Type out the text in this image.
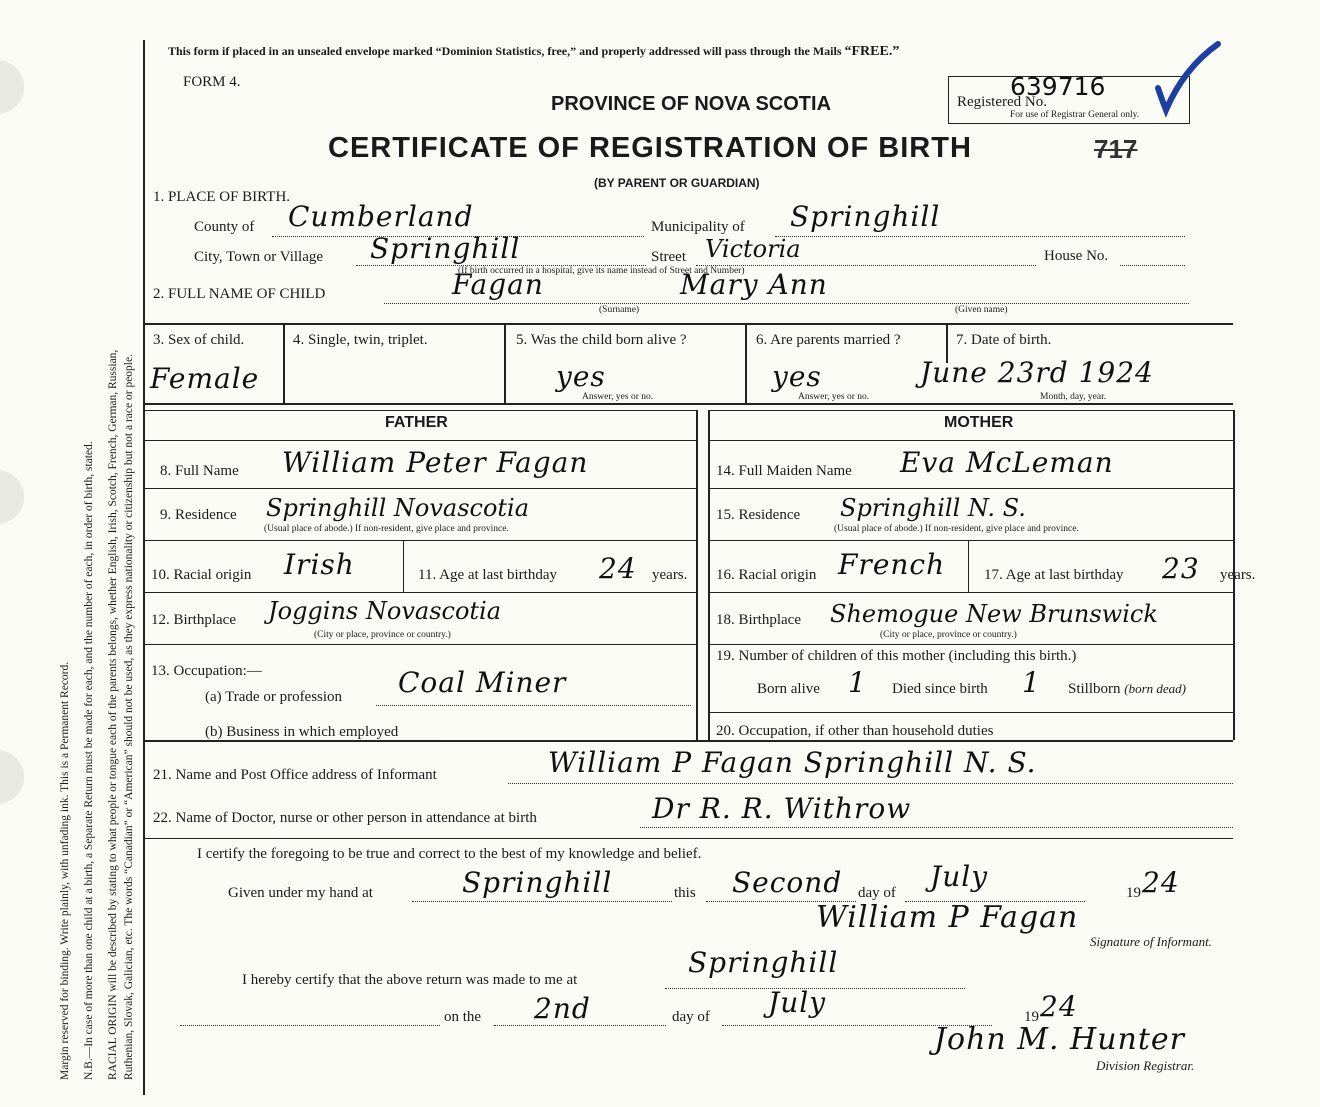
Margin reserved for binding. Write plainly, with unfading ink. This is a Permanent Record. N.B.—In case of more than one child at a birth, a Separate Return must be made for each, and the number of each, in order of birth, stated. RACIAL ORIGIN will be described by stating to what people or tongue each of the parents belongs, whether English, Irish, Scotch, French, German, Russian, Ruthenian, Slovak, Galician, etc. The words “Canadian” or “American” should not be used, as they express nationality or citizenship but not a race or people.
This form if placed in an unsealed envelope marked “Dominion Statistics, free,” and properly addressed will pass through the Mails “FREE.”
FORM 4.
Registered No.
639716
For use of Registrar General only.
PROVINCE OF NOVA SCOTIA
CERTIFICATE OF REGISTRATION OF BIRTH	717
(BY PARENT OR GUARDIAN)
1. PLACE OF BIRTH.
County of Cumberland	Municipality of Springhill
City, Town or Village Springhill	Street Victoria	House No.
(If birth occurred in a hospital, give its name instead of Street and Number)
2. FULL NAME OF CHILD	Fagan	Mary Ann
(Surname)	(Given name)
3. Sex of child.
Female
4. Single, twin, triplet.	5. Was the child born alive ?
yes
Answer, yes or no.
6. Are parents married ?
yes
Answer, yes or no.
7. Date of birth.
June 23rd 1924
Month, day, year.
FATHER	MOTHER
8. Full Name William Peter Fagan
9. Residence Springhill Novascotia
(Usual place of abode.) If non-resident, give place and province.
10. Racial origin Irish	11. Age at last birthday 24 years.
12. Birthplace Joggins Novascotia
(City or place, province or country.)
13. Occupation:—
(a) Trade or profession Coal Miner
(b) Business in which employed
14. Full Maiden Name Eva McLeman
15. Residence Springhill N. S.
(Usual place of abode.) If non-resident, give place and province.
16. Racial origin French	17. Age at last birthday 23 years.
18. Birthplace Shemogue New Brunswick
(City or place, province or country.)
19. Number of children of this mother (including this birth.)
Born alive 1 Died since birth 1 Stillborn (born dead)
20. Occupation, if other than household duties
21. Name and Post Office address of Informant	William P Fagan Springhill N. S.
22. Name of Doctor, nurse or other person in attendance at birth	Dr R. R. Withrow
I certify the foregoing to be true and correct to the best of my knowledge and belief.
Given under my hand at	Springhill	this Second day of July	19 24
William P Fagan
Signature of Informant.
I hereby certify that the above return was made to me at
Springhill
on the 2nd	day of July	19 24
John M. Hunter
Division Registrar.
